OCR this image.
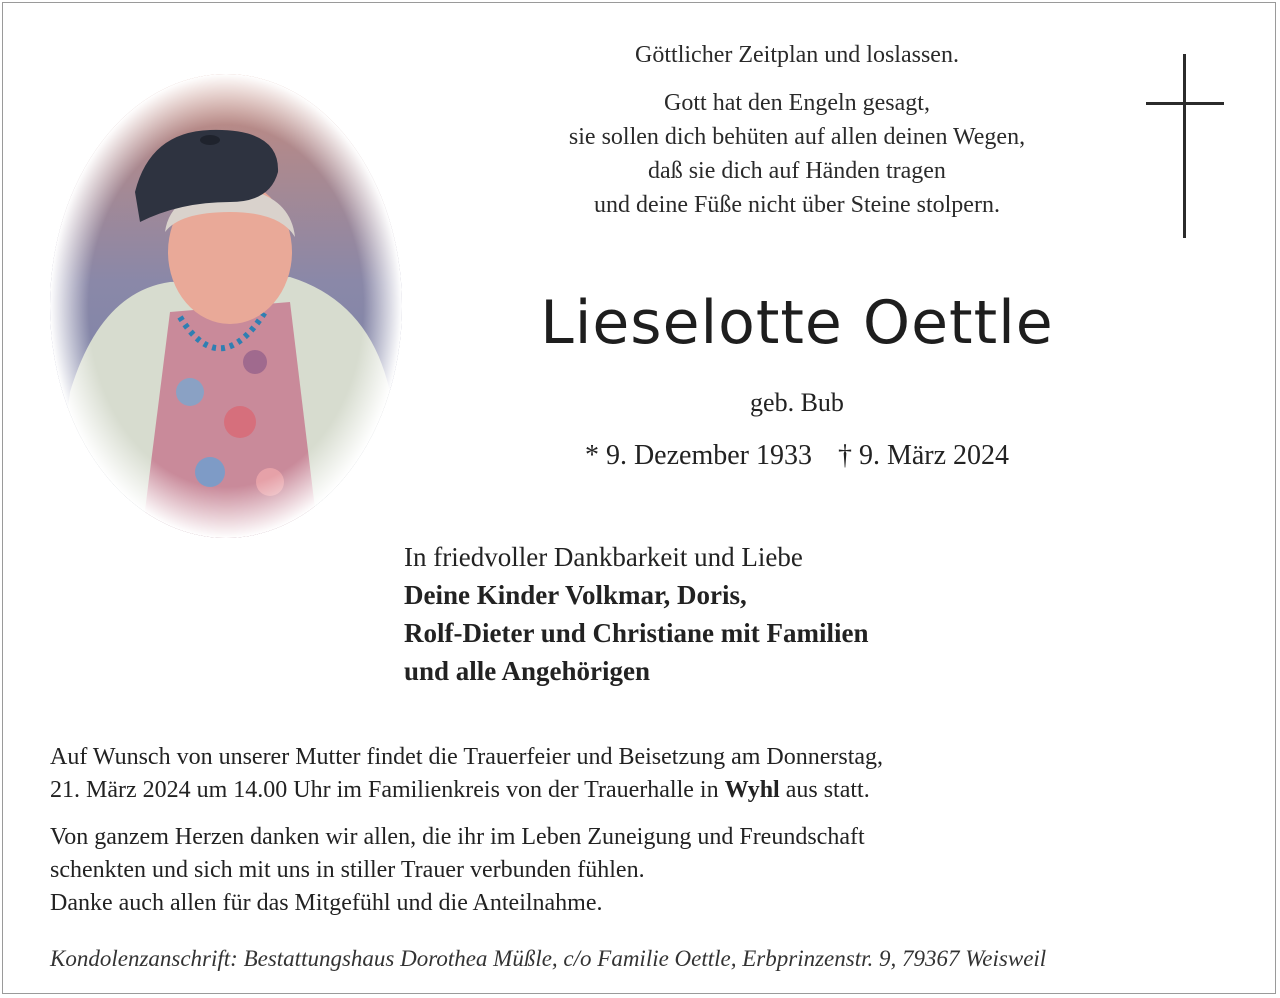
Göttlicher Zeitplan und loslassen.
Gott hat den Engeln gesagt,
sie sollen dich behüten auf allen deinen Wegen,
daß sie dich auf Händen tragen
und deine Füße nicht über Steine stolpern.
Lieselotte Oettle
geb. Bub
* 9. Dezember 1933 † 9. März 2024
In friedvoller Dankbarkeit und Liebe
Deine Kinder Volkmar, Doris,
Rolf-Dieter und Christiane mit Familien
und alle Angehörigen
Auf Wunsch von unserer Mutter findet die Trauerfeier und Beisetzung am Donnerstag,
21. März 2024 um 14.00 Uhr im Familienkreis von der Trauerhalle in Wyhl aus statt.
Von ganzem Herzen danken wir allen, die ihr im Leben Zuneigung und Freundschaft
schenkten und sich mit uns in stiller Trauer verbunden fühlen.
Danke auch allen für das Mitgefühl und die Anteilnahme.
Kondolenzanschrift: Bestattungshaus Dorothea Müßle, c/o Familie Oettle, Erbprinzenstr. 9, 79367 Weisweil
